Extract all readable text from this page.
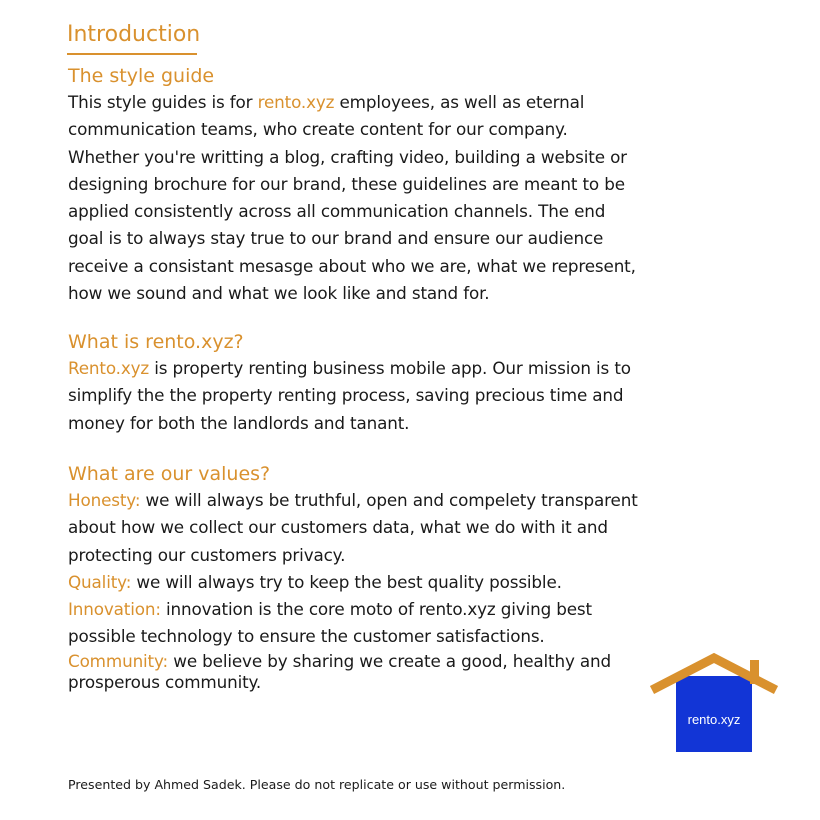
Introduction
The style guide

This style guides is for rento.xyz employees, as well as eternal communication teams, who create content for our company. Whether you're writting a blog, crafting video, building a website or designing brochure for our brand, these guidelines are meant to be applied consistently across all communication channels. The end goal is to always stay true to our brand and ensure our audience receive a consistant mesasge about who we are, what we represent, how we sound and what we look like and stand for.

What is rento.xyz?

Rento.xyz is property renting business mobile app. Our mission is to simplify the the property renting process, saving precious time and money for both the landlords and tanant.

What are our values?

Honesty: we will always be truthful, open and compelety transparent about how we collect our customers data, what we do with it and protecting our customers privacy.

Quality: we will always try to keep the best quality possible.

Innovation: innovation is the core moto of rento.xyz giving best possible technology to ensure the customer satisfactions.

Community: we believe by sharing we create a good, healthy and prosperous community.

rento.xyz

Presented by Ahmed Sadek. Please do not replicate or use without permission.
